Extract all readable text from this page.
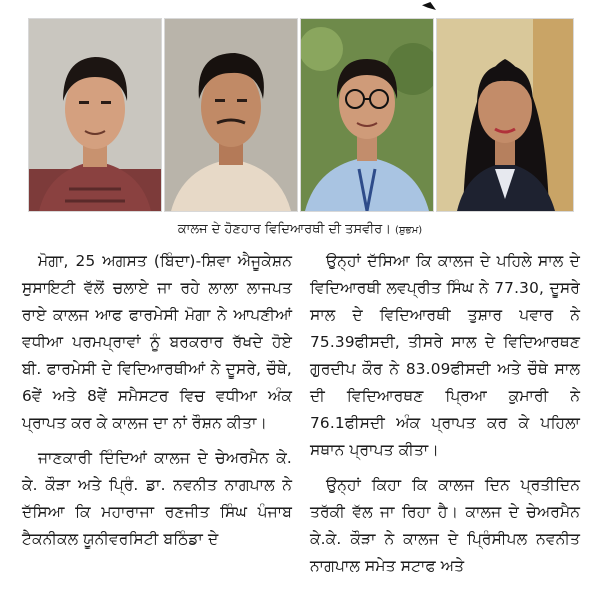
ਕਾਲਜ ਦੇ ਹੋਣਹਾਰ ਵਿਦਿਆਰਥੀ ਦੀ ਤਸਵੀਰ। (ਸ਼ੁਭਮ)

ਮੋਗਾ, 25 ਅਗਸਤ (ਬਿੰਦਾ)-ਸ਼ਿਵਾ ਐਜੂਕੇਸ਼ਨ ਸੁਸਾਇਟੀ ਵੱਲੋਂ ਚਲਾਏ ਜਾ ਰਹੇ ਲਾਲਾ ਲਾਜਪਤ ਰਾਏ ਕਾਲਜ ਆਫ ਫਾਰਮੇਸੀ ਮੋਗਾ ਨੇ ਆਪਣੀਆਂ ਵਧੀਆ ਪਰਮਪ੍ਰਾਵਾਂ ਨੂੰ ਬਰਕਰਾਰ ਰੱਖਦੇ ਹੋਏ ਬੀ. ਫਾਰਮੇਸੀ ਦੇ ਵਿਦਿਆਰਥੀਆਂ ਨੇ ਦੂਸਰੇ, ਚੌਥੇ, 6ਵੇਂ ਅਤੇ 8ਵੇਂ ਸਮੈਸਟਰ ਵਿਚ ਵਧੀਆ ਅੰਕ ਪ੍ਰਾਪਤ ਕਰ ਕੇ ਕਾਲਜ ਦਾ ਨਾਂ ਰੌਸ਼ਨ ਕੀਤਾ।

ਜਾਣਕਾਰੀ ਦਿੰਦਿਆਂ ਕਾਲਜ ਦੇ ਚੇਅਰਮੈਨ ਕੇ. ਕੇ. ਕੌੜਾ ਅਤੇ ਪ੍ਰਿੰ. ਡਾ. ਨਵਨੀਤ ਨਾਗਪਾਲ ਨੇ ਦੱਸਿਆ ਕਿ ਮਹਾਰਾਜਾ ਰਣਜੀਤ ਸਿੰਘ ਪੰਜਾਬ ਟੈਕਨੀਕਲ ਯੂਨੀਵਰਸਿਟੀ ਬਠਿੰਡਾ ਦੇ

ਉਨ੍ਹਾਂ ਦੱਸਿਆ ਕਿ ਕਾਲਜ ਦੇ ਪਹਿਲੇ ਸਾਲ ਦੇ ਵਿਦਿਆਰਥੀ ਲਵਪ੍ਰੀਤ ਸਿੰਘ ਨੇ 77.30, ਦੂਸਰੇ ਸਾਲ ਦੇ ਵਿਦਿਆਰਥੀ ਤੁਸ਼ਾਰ ਪਵਾਰ ਨੇ 75.39ਫੀਸਦੀ, ਤੀਸਰੇ ਸਾਲ ਦੇ ਵਿਦਿਆਰਥਣ ਗੁਰਦੀਪ ਕੌਰ ਨੇ 83.09ਫੀਸਦੀ ਅਤੇ ਚੌਥੇ ਸਾਲ ਦੀ ਵਿਦਿਆਰਥਣ ਪ੍ਰਿਆ ਕੁਮਾਰੀ ਨੇ 76.1ਫੀਸਦੀ ਅੰਕ ਪ੍ਰਾਪਤ ਕਰ ਕੇ ਪਹਿਲਾ ਸਥਾਨ ਪ੍ਰਾਪਤ ਕੀਤਾ।

ਉਨ੍ਹਾਂ ਕਿਹਾ ਕਿ ਕਾਲਜ ਦਿਨ ਪ੍ਰਤੀਦਿਨ ਤਰੱਕੀ ਵੱਲ ਜਾ ਰਿਹਾ ਹੈ। ਕਾਲਜ ਦੇ ਚੇਅਰਮੈਨ ਕੇ.ਕੇ. ਕੌੜਾ ਨੇ ਕਾਲਜ ਦੇ ਪ੍ਰਿੰਸੀਪਲ ਨਵਨੀਤ ਨਾਗਪਾਲ ਸਮੇਤ ਸਟਾਫ ਅਤੇ
